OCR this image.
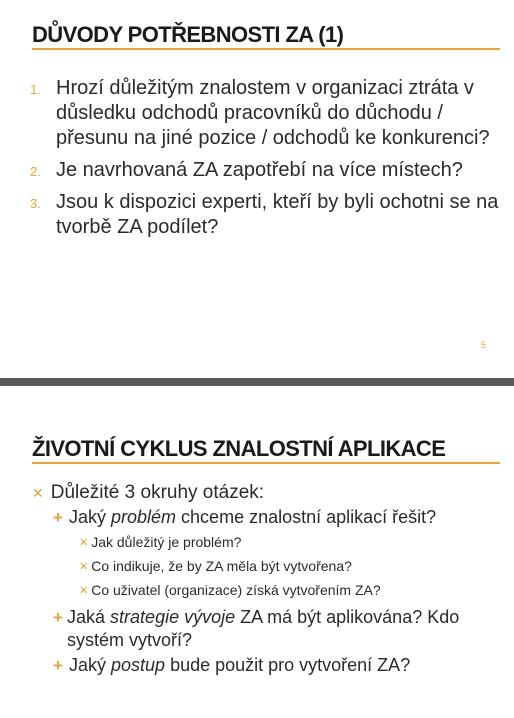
DŮVODY POTŘEBNOSTI ZA (1)
1. Hrozí důležitým znalostem v organizaci ztráta v důsledku odchodů pracovníků do důchodu / přesunu na jiné pozice / odchodů ke konkurenci?
2. Je navrhovaná ZA zapotřebí na více místech?
3. Jsou k dispozici experti, kteří by byli ochotni se na tvorbě ZA podílet?
5
ŽIVOTNÍ CYKLUS ZNALOSTNÍ APLIKACE
✕ Důležité 3 okruhy otázek:
+ Jaký problém chceme znalostní aplikací řešit?
✕ Jak důležitý je problém?
✕ Co indikuje, že by ZA měla být vytvořena?
✕ Co uživatel (organizace) získá vytvořením ZA?
+ Jaká strategie vývoje ZA má být aplikována? Kdo systém vytvoří?
+ Jaký postup bude použit pro vytvoření ZA?
